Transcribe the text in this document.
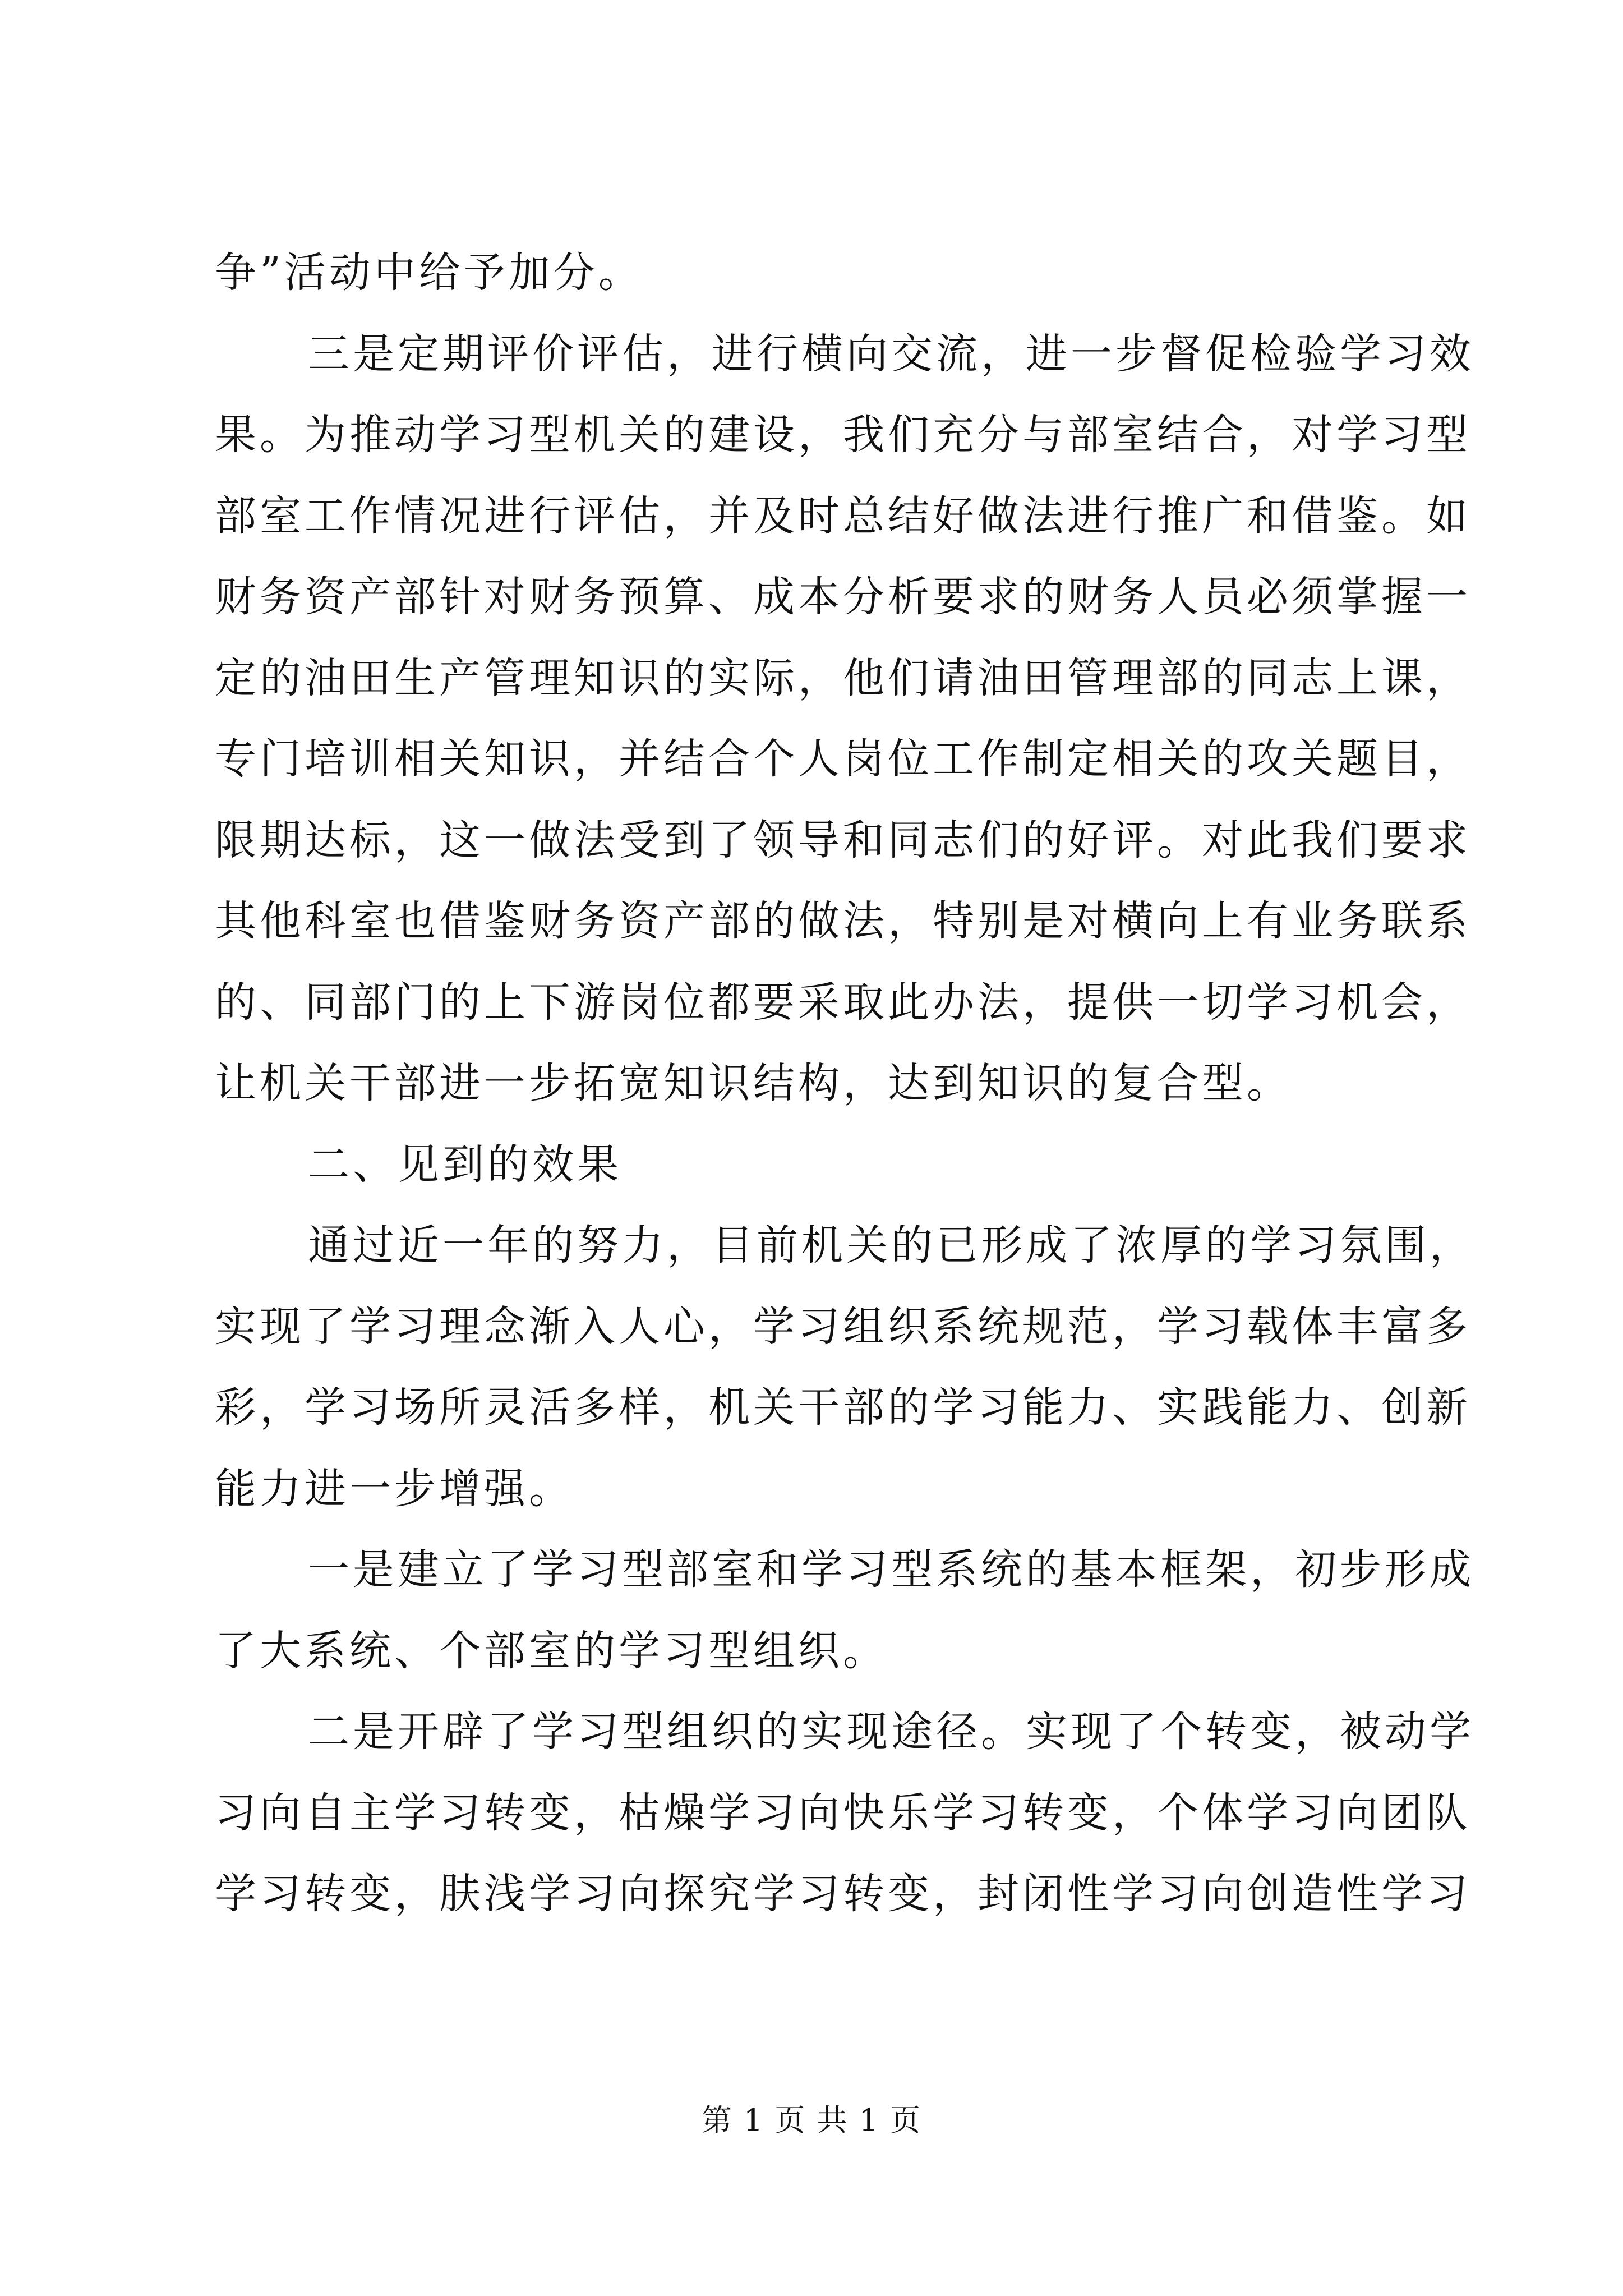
争”活动中给予加分。
三是定期评价评估，进行横向交流，进一步督促检验学习效
果。为推动学习型机关的建设，我们充分与部室结合，对学习型
部室工作情况进行评估，并及时总结好做法进行推广和借鉴。如
财务资产部针对财务预算、成本分析要求的财务人员必须掌握一
定的油田生产管理知识的实际，他们请油田管理部的同志上课，
专门培训相关知识，并结合个人岗位工作制定相关的攻关题目，
限期达标，这一做法受到了领导和同志们的好评。对此我们要求
其他科室也借鉴财务资产部的做法，特别是对横向上有业务联系
的、同部门的上下游岗位都要采取此办法，提供一切学习机会，
让机关干部进一步拓宽知识结构，达到知识的复合型。
二、见到的效果
通过近一年的努力，目前机关的已形成了浓厚的学习氛围，
实现了学习理念渐入人心，学习组织系统规范，学习载体丰富多
彩，学习场所灵活多样，机关干部的学习能力、实践能力、创新
能力进一步增强。
一是建立了学习型部室和学习型系统的基本框架，初步形成
了大系统、个部室的学习型组织。
二是开辟了学习型组织的实现途径。实现了个转变，被动学
习向自主学习转变，枯燥学习向快乐学习转变，个体学习向团队
学习转变，肤浅学习向探究学习转变，封闭性学习向创造性学习
第 1 页 共 1 页
